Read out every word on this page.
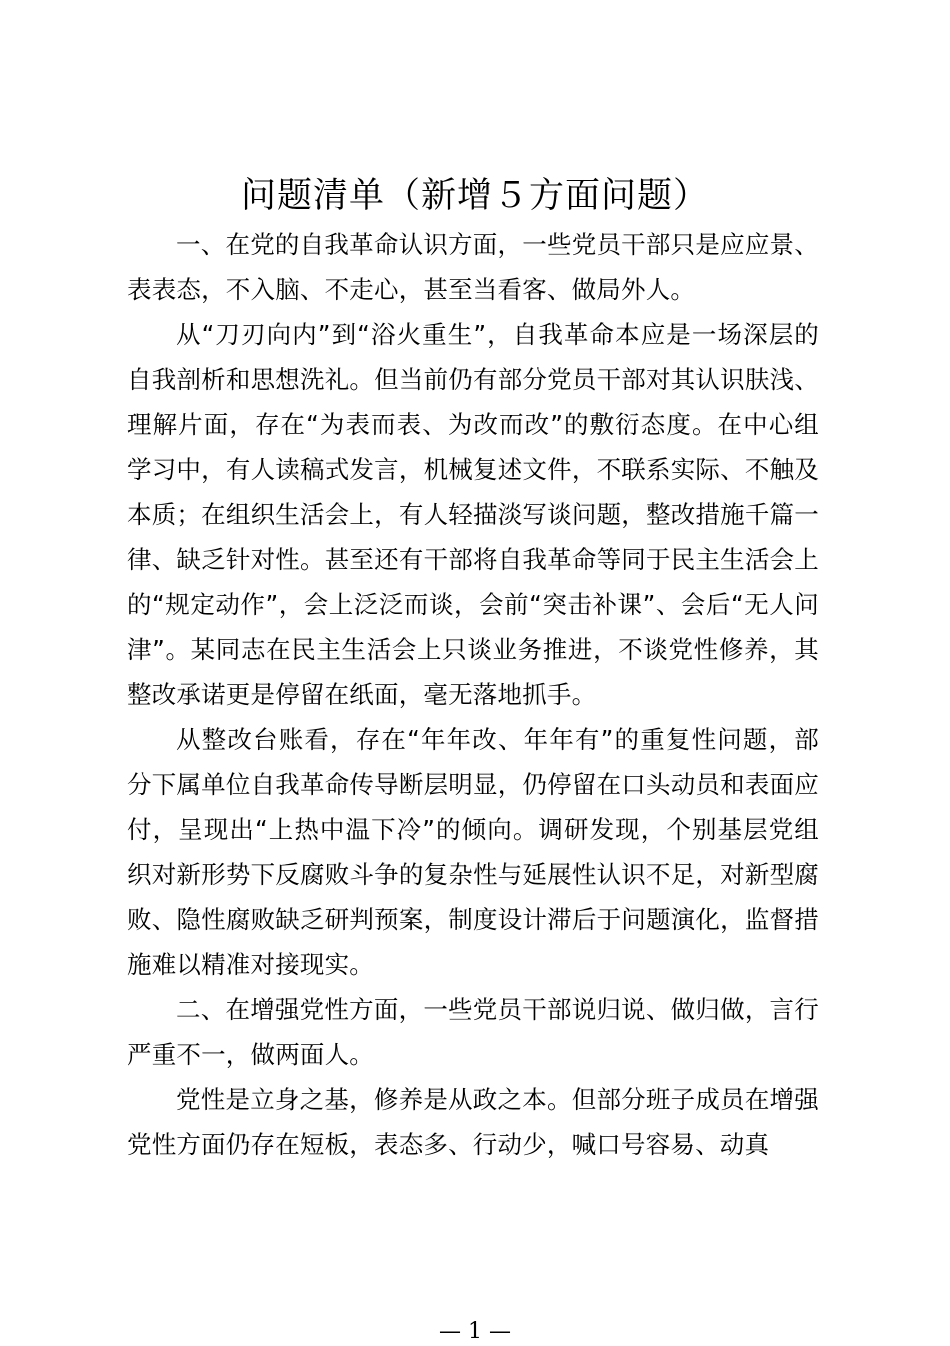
问题清单（新增５方面问题）

一、在党的自我革命认识方面，一些党员干部只是应应景、表表态，不入脑、不走心，甚至当看客、做局外人。

从“刀刃向内”到“浴火重生”，自我革命本应是一场深层的自我剖析和思想洗礼。但当前仍有部分党员干部对其认识肤浅、理解片面，存在“为表而表、为改而改”的敷衍态度。在中心组学习中，有人读稿式发言，机械复述文件，不联系实际、不触及本质；在组织生活会上，有人轻描淡写谈问题，整改措施千篇一律、缺乏针对性。甚至还有干部将自我革命等同于民主生活会上的“规定动作”，会上泛泛而谈，会前“突击补课”、会后“无人问津”。某同志在民主生活会上只谈业务推进，不谈党性修养，其整改承诺更是停留在纸面，毫无落地抓手。

从整改台账看，存在“年年改、年年有”的重复性问题，部分下属单位自我革命传导断层明显，仍停留在口头动员和表面应付，呈现出“上热中温下冷”的倾向。调研发现，个别基层党组织对新形势下反腐败斗争的复杂性与延展性认识不足，对新型腐败、隐性腐败缺乏研判预案，制度设计滞后于问题演化，监督措施难以精准对接现实。

二、在增强党性方面，一些党员干部说归说、做归做，言行严重不一，做两面人。

党性是立身之基，修养是从政之本。但部分班子成员在增强党性方面仍存在短板，表态多、行动少，喊口号容易、动真

— 1 —
